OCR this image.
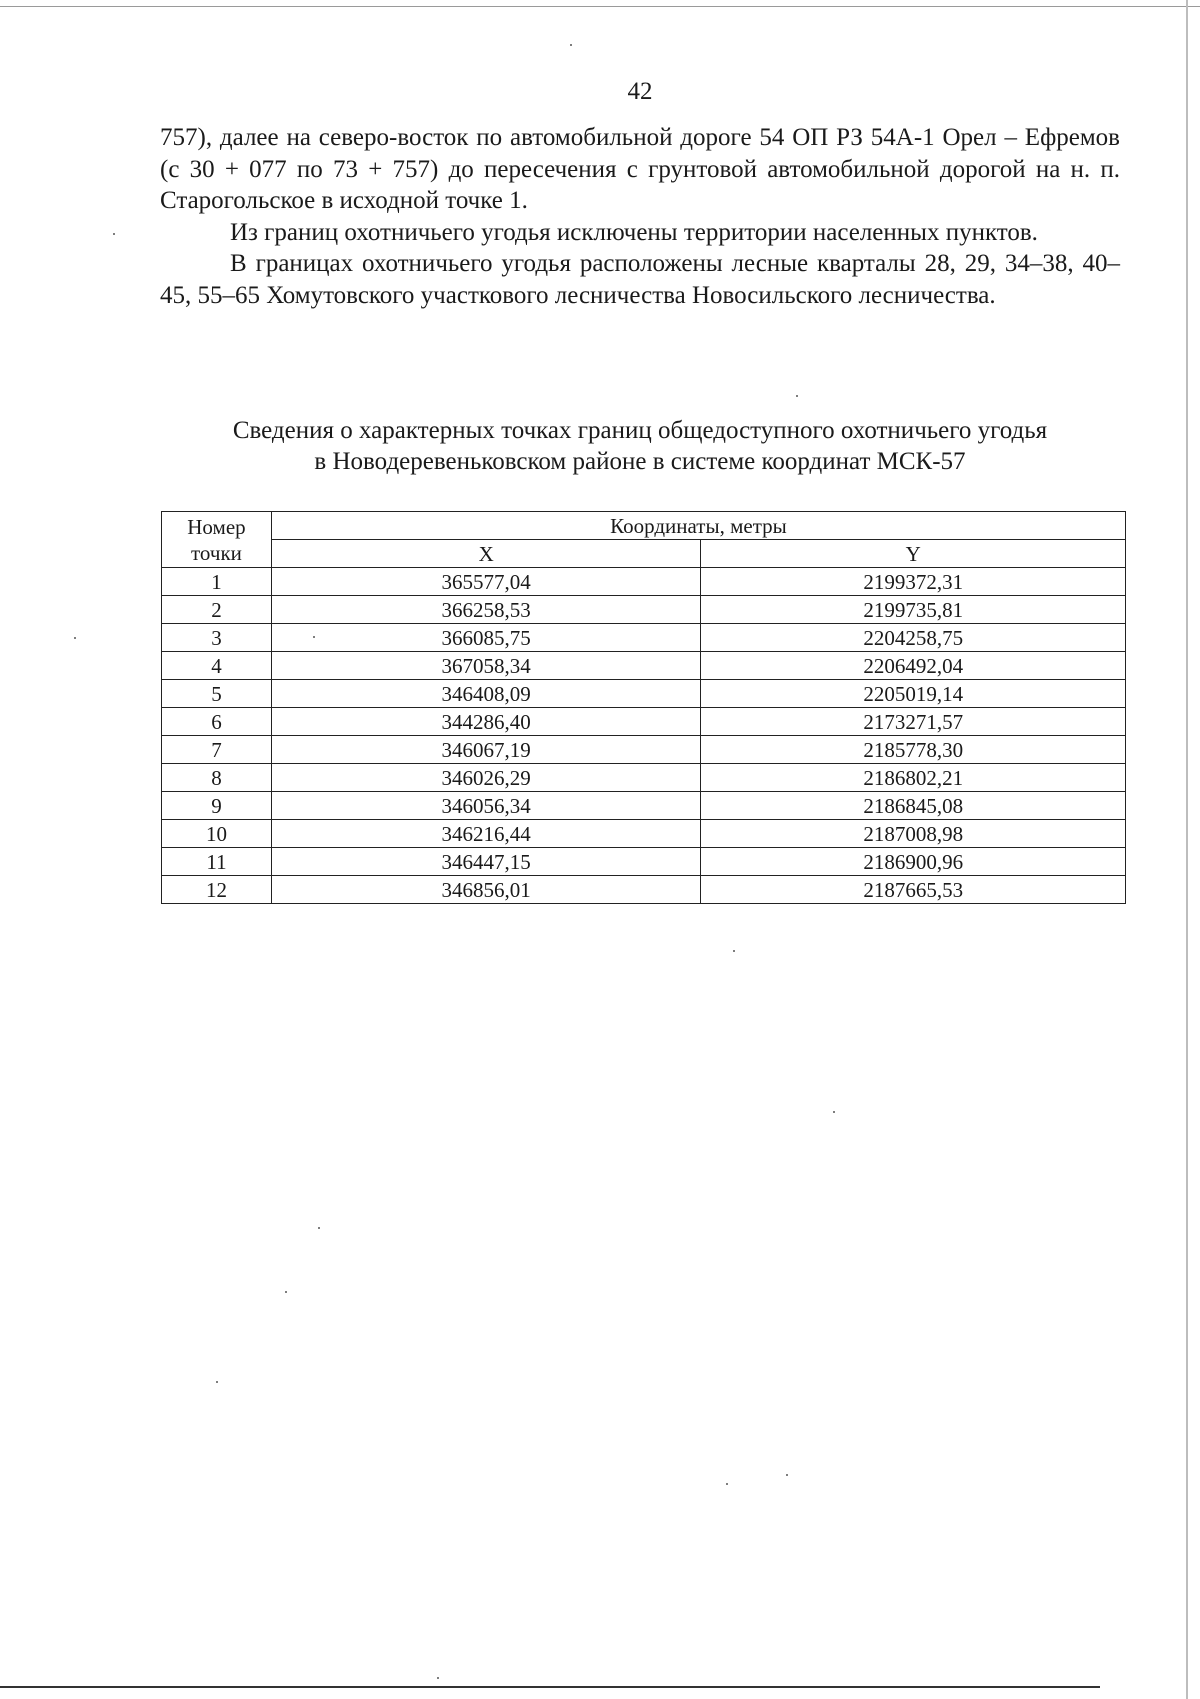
42

757), далее на северо-восток по автомобильной дороге 54 ОП РЗ 54А-1 Орел – Ефремов (с 30 + 077 по 73 + 757) до пересечения с грунтовой автомобильной дорогой на н. п. Старогольское в исходной точке 1.

Из границ охотничьего угодья исключены территории населенных пунктов.

В границах охотничьего угодья расположены лесные кварталы 28, 29, 34–38, 40–45, 55–65 Хомутовского участкового лесничества Новосильского лесничества.

Сведения о характерных точках границ общедоступного охотничьего угодья
в Новодеревеньковском районе в системе координат МСК-57
Номер
точки	Координаты, метры	
	X	Y
1	365577,04	2199372,31
2	366258,53	2199735,81
3	366085,75	2204258,75
4	367058,34	2206492,04
5	346408,09	2205019,14
6	344286,40	2173271,57
7	346067,19	2185778,30
8	346026,29	2186802,21
9	346056,34	2186845,08
10	346216,44	2187008,98
11	346447,15	2186900,96
12	346856,01	2187665,53
